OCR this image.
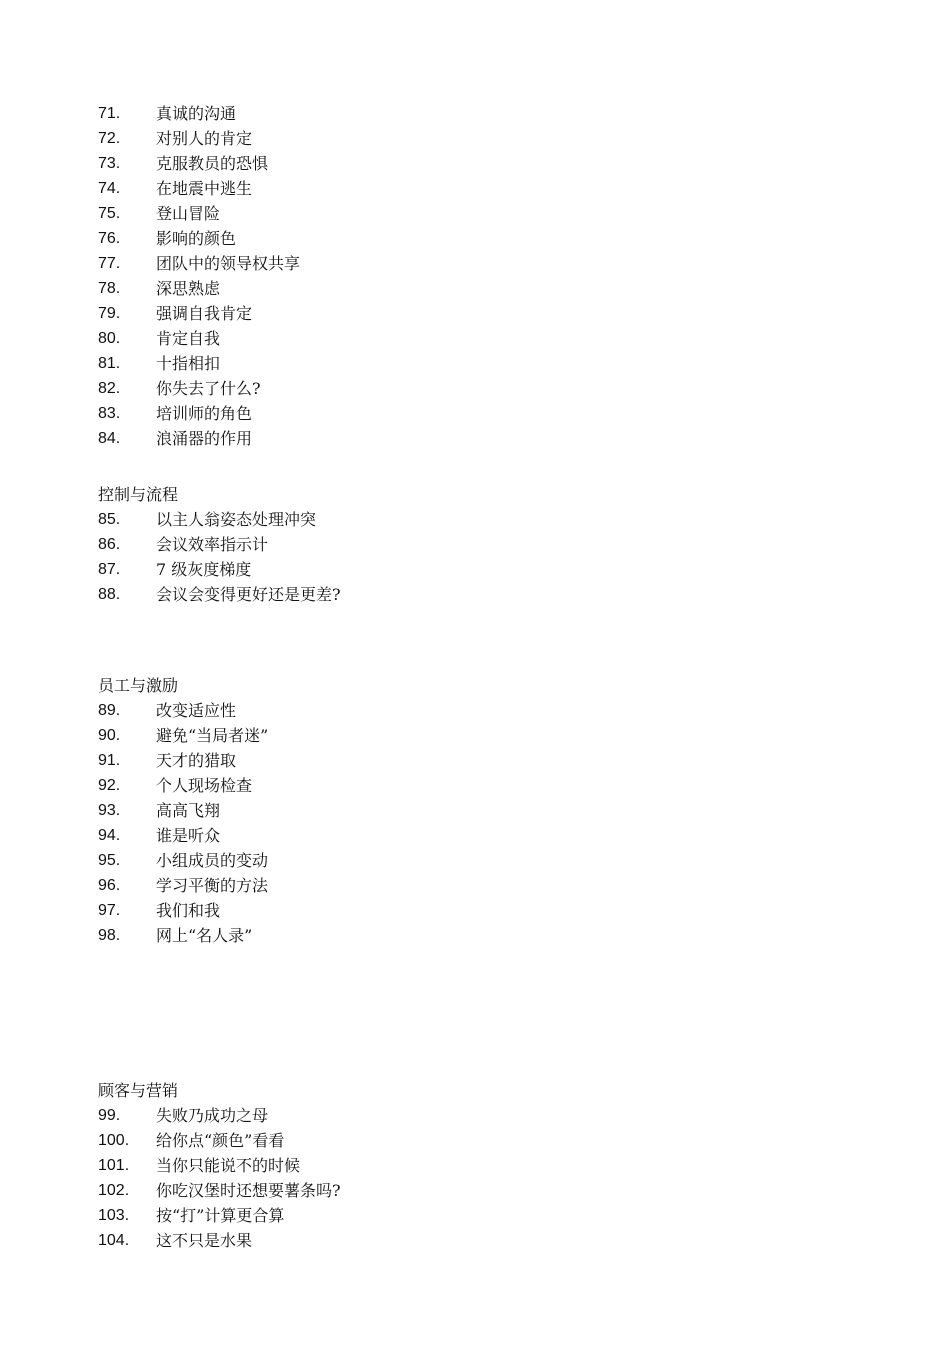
71. 真诚的沟通
72. 对别人的肯定
73. 克服教员的恐惧
74. 在地震中逃生
75. 登山冒险
76. 影响的颜色
77. 团队中的领导权共享
78. 深思熟虑
79. 强调自我肯定
80. 肯定自我
81. 十指相扣
82. 你失去了什么?
83. 培训师的角色
84. 浪涌器的作用
控制与流程
85. 以主人翁姿态处理冲突
86. 会议效率指示计
87. 7 级灰度梯度
88. 会议会变得更好还是更差?
员工与激励
89. 改变适应性
90. 避免“当局者迷”
91. 天才的猎取
92. 个人现场检查
93. 高高飞翔
94. 谁是听众
95. 小组成员的变动
96. 学习平衡的方法
97. 我们和我
98. 网上“名人录”
顾客与营销
99. 失败乃成功之母
100. 给你点“颜色”看看
101. 当你只能说不的时候
102. 你吃汉堡时还想要薯条吗?
103. 按“打”计算更合算
104. 这不只是水果
